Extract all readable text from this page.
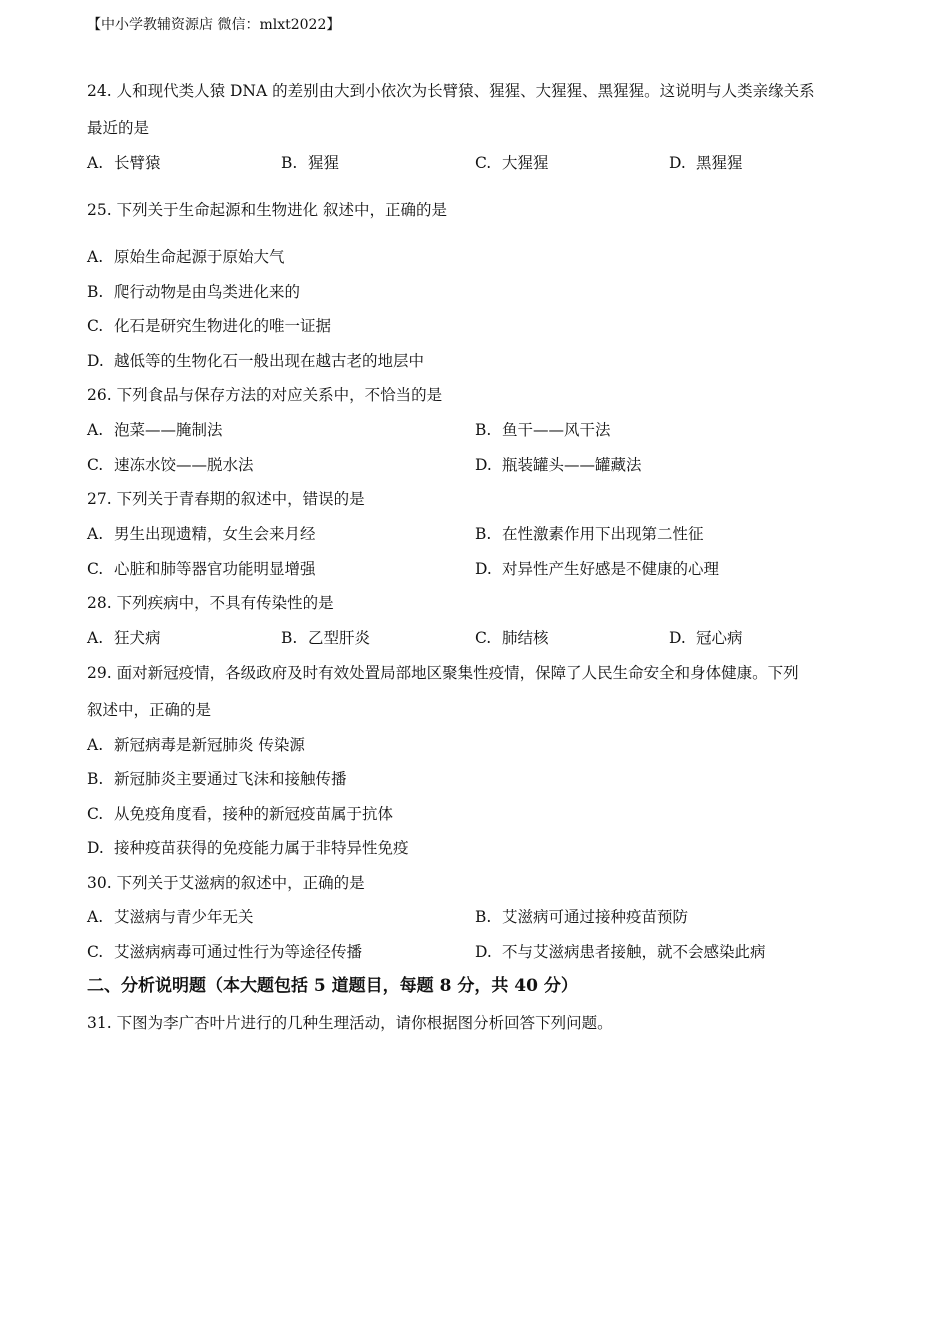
【中小学教辅资源店 微信：mlxt2022】
24. 人和现代类人猿 DNA 的差别由大到小依次为长臂猿、猩猩、大猩猩、黑猩猩。这说明与人类亲缘关系
最近的是
A. 长臂猿	B. 猩猩	C. 大猩猩	D. 黑猩猩
25. 下列关于生命起源和生物进化 叙述中，正确的是
A. 原始生命起源于原始大气
B. 爬行动物是由鸟类进化来的
C. 化石是研究生物进化的唯一证据
D. 越低等的生物化石一般出现在越古老的地层中
26. 下列食品与保存方法的对应关系中，不恰当的是
A. 泡菜——腌制法	B. 鱼干——风干法
C. 速冻水饺——脱水法	D. 瓶装罐头——罐藏法
27. 下列关于青春期的叙述中，错误的是
A. 男生出现遗精，女生会来月经	B. 在性激素作用下出现第二性征
C. 心脏和肺等器官功能明显增强	D. 对异性产生好感是不健康的心理
28. 下列疾病中，不具有传染性的是
A. 狂犬病	B. 乙型肝炎	C. 肺结核	D. 冠心病
29. 面对新冠疫情，各级政府及时有效处置局部地区聚集性疫情，保障了人民生命安全和身体健康。下列
叙述中，正确的是
A. 新冠病毒是新冠肺炎 传染源
B. 新冠肺炎主要通过飞沫和接触传播
C. 从免疫角度看，接种的新冠疫苗属于抗体
D. 接种疫苗获得的免疫能力属于非特异性免疫
30. 下列关于艾滋病的叙述中，正确的是
A. 艾滋病与青少年无关	B. 艾滋病可通过接种疫苗预防
C. 艾滋病病毒可通过性行为等途径传播	D. 不与艾滋病患者接触，就不会感染此病
二、分析说明题（本大题包括 5 道题目，每题 8 分，共 40 分）
31. 下图为李广杏叶片进行的几种生理活动，请你根据图分析回答下列问题。
